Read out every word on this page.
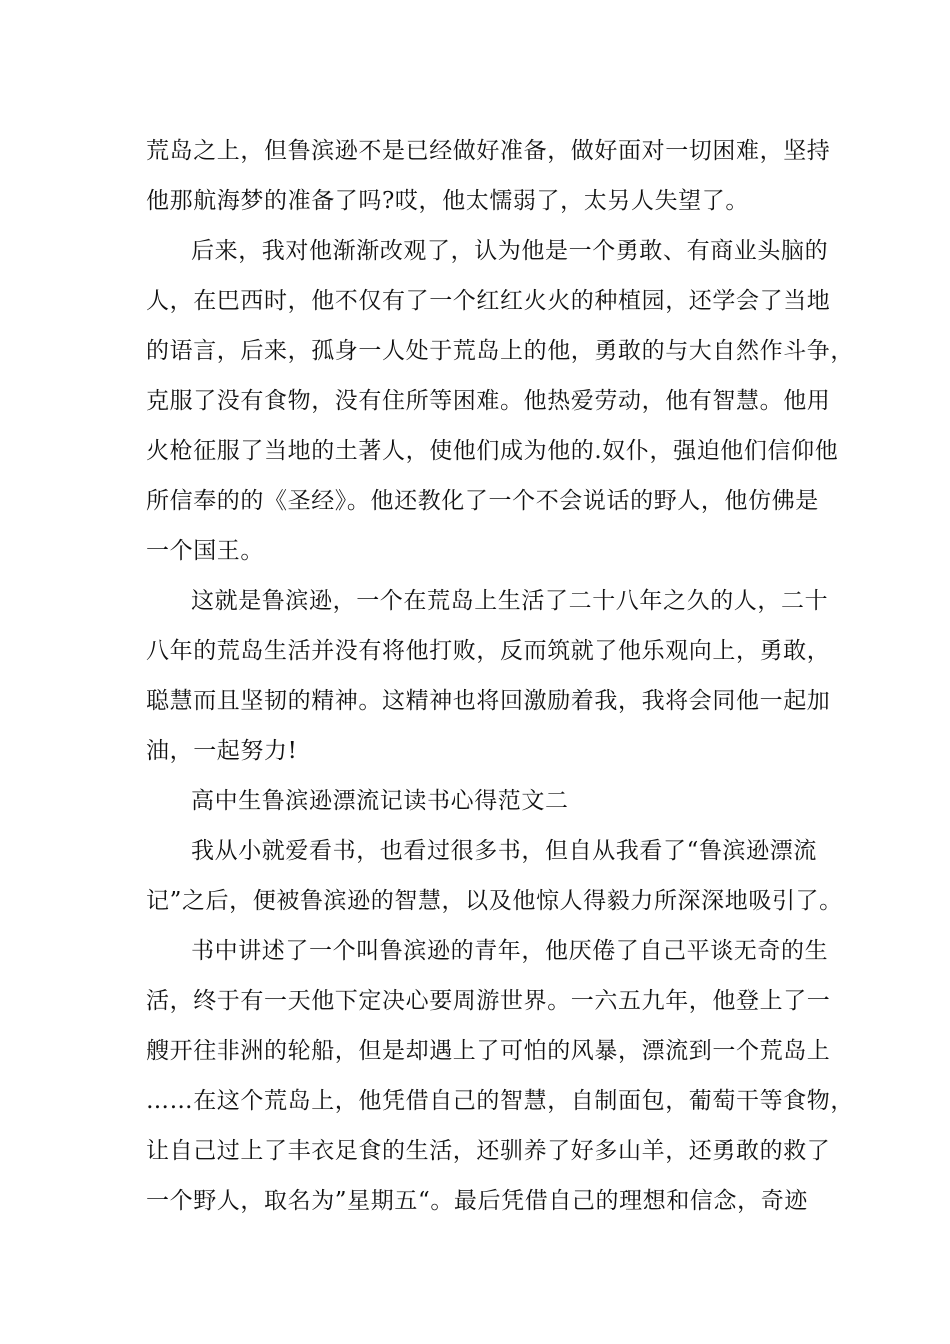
荒岛之上，但鲁滨逊不是已经做好准备，做好面对一切困难，坚持
他那航海梦的准备了吗?哎，他太懦弱了，太另人失望了。
后来，我对他渐渐改观了，认为他是一个勇敢、有商业头脑的
人，在巴西时，他不仅有了一个红红火火的种植园，还学会了当地
的语言，后来，孤身一人处于荒岛上的他，勇敢的与大自然作斗争，
克服了没有食物，没有住所等困难。他热爱劳动，他有智慧。他用
火枪征服了当地的土著人，使他们成为他的.奴仆，强迫他们信仰他
所信奉的的《圣经》。他还教化了一个不会说话的野人，他仿佛是
一个国王。
这就是鲁滨逊，一个在荒岛上生活了二十八年之久的人，二十
八年的荒岛生活并没有将他打败，反而筑就了他乐观向上，勇敢，
聪慧而且坚韧的精神。这精神也将回激励着我，我将会同他一起加
油，一起努力!
高中生鲁滨逊漂流记读书心得范文二
我从小就爱看书，也看过很多书，但自从我看了“鲁滨逊漂流
记”之后，便被鲁滨逊的智慧，以及他惊人得毅力所深深地吸引了。
书中讲述了一个叫鲁滨逊的青年，他厌倦了自己平谈无奇的生
活，终于有一天他下定决心要周游世界。一六五九年，他登上了一
艘开往非洲的轮船，但是却遇上了可怕的风暴，漂流到一个荒岛上
……在这个荒岛上，他凭借自己的智慧，自制面包，葡萄干等食物，
让自己过上了丰衣足食的生活，还驯养了好多山羊，还勇敢的救了
一个野人，取名为”星期五“。最后凭借自己的理想和信念，奇迹
